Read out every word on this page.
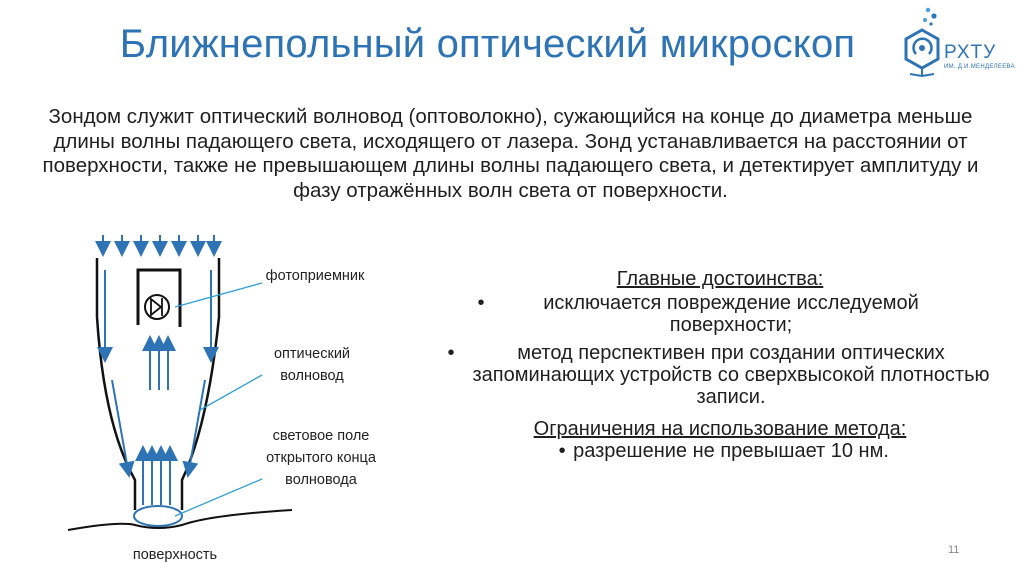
Ближнепольный оптический микроскоп	РХТУ
ИМ. Д.И.МЕНДЕЛЕЕВА
Зондом служит оптический волновод (оптоволокно), сужающийся на конце до диаметра меньше длины волны падающего света, исходящего от лазера. Зонд устанавливается на расстоянии от поверхности, также не превышающем длины волны падающего света, и детектирует амплитуду и фазу отражённых волн света от поверхности.
фотоприемник
оптический волновод
световое поле открытого конца волновода
поверхность
Главные достоинства:
•	исключается повреждение исследуемой поверхности;
•	метод перспективен при создании оптических запоминающих устройств со сверхвысокой плотностью записи.
Ограничения на использование метода:
• разрешение не превышает 10 нм.
11
